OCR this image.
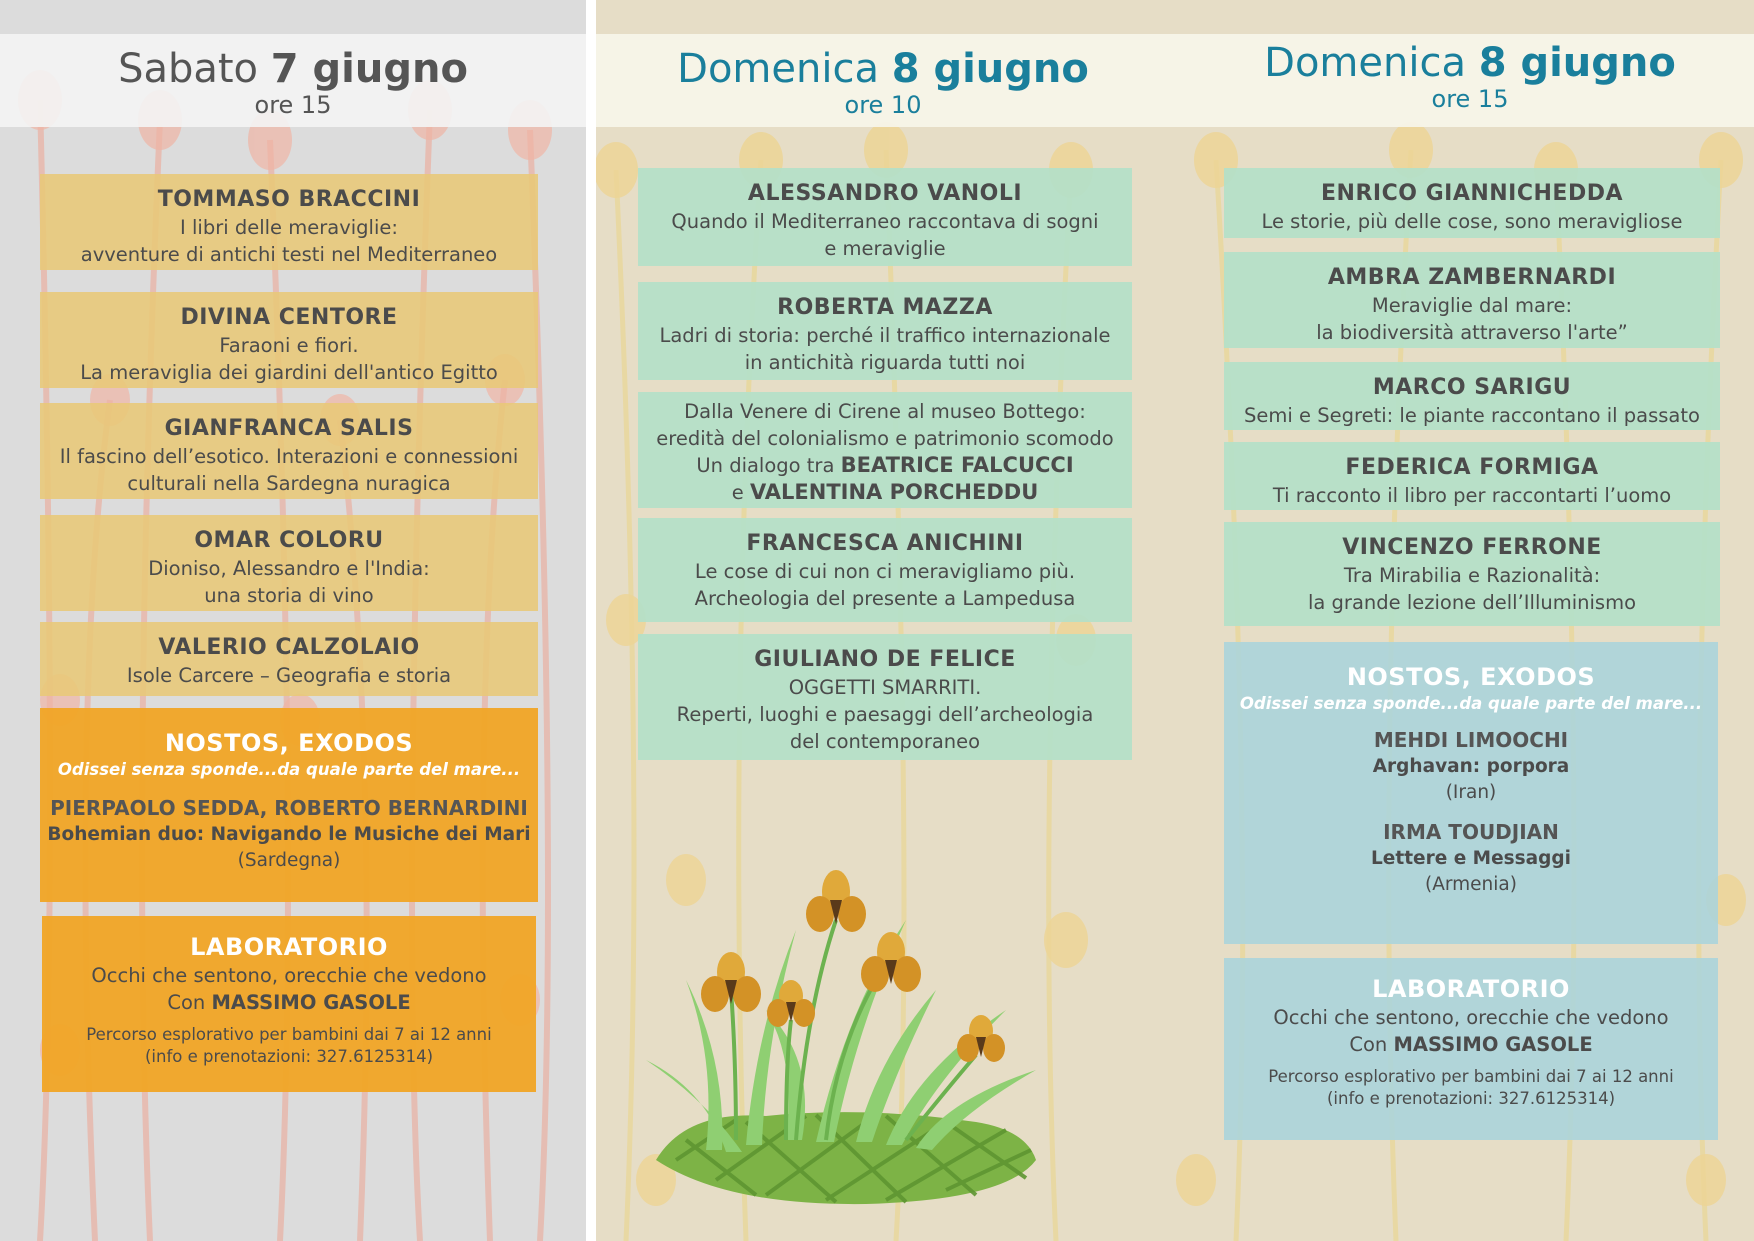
Sabato 7 giugno
ore 15
TOMMASO BRACCINI
I libri delle meraviglie:
avventure di antichi testi nel Mediterraneo
DIVINA CENTORE
Faraoni e fiori.
La meraviglia dei giardini dell'antico Egitto
GIANFRANCA SALIS
Il fascino dell’esotico. Interazioni e connessioni
culturali nella Sardegna nuragica
OMAR COLORU
Dioniso, Alessandro e l'India:
una storia di vino
VALERIO CALZOLAIO
Isole Carcere – Geografia e storia
NOSTOS, EXODOS
Odissei senza sponde...da quale parte del mare...
PIERPAOLO SEDDA, ROBERTO BERNARDINI
Bohemian duo: Navigando le Musiche dei Mari
(Sardegna)
LABORATORIO
Occhi che sentono, orecchie che vedono
Con MASSIMO GASOLE
Percorso esplorativo per bambini dai 7 ai 12 anni
(info e prenotazioni: 327.6125314)
Domenica 8 giugno
ore 10
Domenica 8 giugno
ore 15
ALESSANDRO VANOLI
Quando il Mediterraneo raccontava di sogni
e meraviglie
ROBERTA MAZZA
Ladri di storia: perché il traffico internazionale
in antichità riguarda tutti noi
Dalla Venere di Cirene al museo Bottego:
eredità del colonialismo e patrimonio scomodo
Un dialogo tra BEATRICE FALCUCCI
e VALENTINA PORCHEDDU
FRANCESCA ANICHINI
Le cose di cui non ci meravigliamo più.
Archeologia del presente a Lampedusa
GIULIANO DE FELICE
OGGETTI SMARRITI.
Reperti, luoghi e paesaggi dell’archeologia
del contemporaneo
ENRICO GIANNICHEDDA
Le storie, più delle cose, sono meravigliose
AMBRA ZAMBERNARDI
Meraviglie dal mare:
la biodiversità attraverso l'arte”
MARCO SARIGU
Semi e Segreti: le piante raccontano il passato
FEDERICA FORMIGA
Ti racconto il libro per raccontarti l’uomo
VINCENZO FERRONE
Tra Mirabilia e Razionalità:
la grande lezione dell’Illuminismo
NOSTOS, EXODOS
Odissei senza sponde...da quale parte del mare...
MEHDI LIMOOCHI
Arghavan: porpora
(Iran)
IRMA TOUDJIAN
Lettere e Messaggi
(Armenia)
LABORATORIO
Occhi che sentono, orecchie che vedono
Con MASSIMO GASOLE
Percorso esplorativo per bambini dai 7 ai 12 anni
(info e prenotazioni: 327.6125314)
